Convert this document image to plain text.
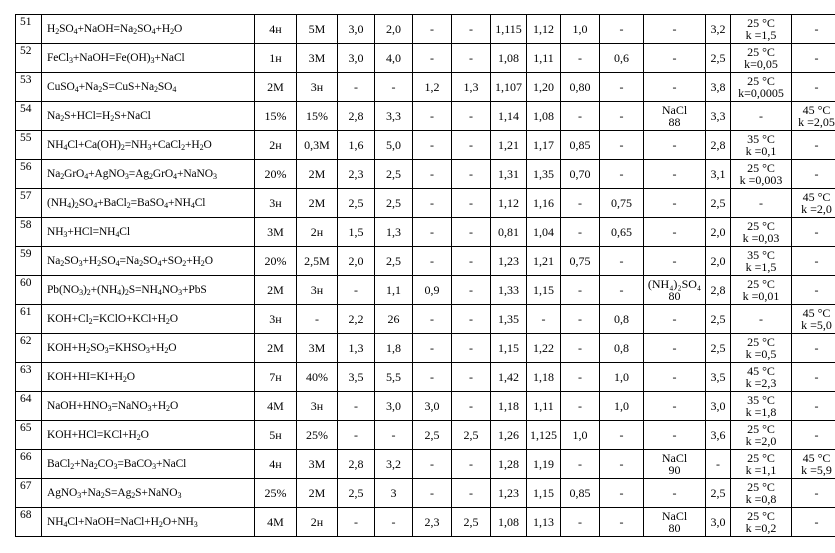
51	$H_2SO_4+NaOH=Na_2SO_4+H_2O$	4н	5M	3,0	2,0	-	-	1,115	1,12	1,0	-	-	3,2	25 °C
k =1,5	-

52	$FeCl_3+NaOH=Fe(OH)_3+NaCl$	1н	3M	3,0	4,0	-	-	1,08	1,11	-	0,6	-	2,5	25 °C
k=0,05	-

53	$CuSO_4+Na_2S=CuS+Na_2SO_4$	2M	3н	-	-	1,2	1,3	1,107	1,20	0,80	-	-	3,8	25 °C
k=0,0005	-

54	$Na_2S+HCl=H_2S+NaCl$	15%	15%	2,8	3,3	-	-	1,14	1,08	-	-	NaCl
88	3,3	-	45 °C
k =2,05

55	$NH_4Cl+Ca(OH)_2=NH_3+CaCl_2+H_2O$	2н	0,3M	1,6	5,0	-	-	1,21	1,17	0,85	-	-	2,8	35 °C
k =0,1	-

56	$Na_2GrO_4+AgNO_3=Ag_2GrO_4+NaNO_3$	20%	2M	2,3	2,5	-	-	1,31	1,35	0,70	-	-	3,1	25 °C
k =0,003	-

57	$(NH_4)_2SO_4+BaCl_2=BaSO_4+NH_4Cl$	3н	2M	2,5	2,5	-	-	1,12	1,16	-	0,75	-	2,5	-	45 °C
k =2,0

58	$NH_3+HCl=NH_4Cl$	3M	2н	1,5	1,3	-	-	0,81	1,04	-	0,65	-	2,0	25 °C
k =0,03	-

59	$Na_2SO_3+H_2SO_4=Na_2SO_4+SO_2+H_2O$	20%	2,5M	2,0	2,5	-	-	1,23	1,21	0,75	-	-	2,0	35 °C
k =1,5	-

60	$Pb(NO_3)_2+(NH_4)_2S=NH_4NO_3+PbS$	2M	3н	-	1,1	0,9	-	1,33	1,15	-	-	(NH₄)₂SO₄
80	2,8	25 °C
k =0,01	-

61	$KOH+Cl_2=KClO+KCl+H_2O$	3н	-	2,2	26	-	-	1,35	-	-	0,8	-	2,5	-	45 °C
k =5,0

62	$KOH+H_2SO_3=KHSO_3+H_2O$	2M	3M	1,3	1,8	-	-	1,15	1,22	-	0,8	-	2,5	25 °C
k =0,5	-

63	$KOH+HI=KI+H_2O$	7н	40%	3,5	5,5	-	-	1,42	1,18	-	1,0	-	3,5	45 °C
k =2,3	-

64	$NaOH+HNO_3=NaNO_3+H_2O$	4M	3н	-	3,0	3,0	-	1,18	1,11	-	1,0	-	3,0	35 °C
k =1,8	-

65	$KOH+HCl=KCl+H_2O$	5н	25%	-	-	2,5	2,5	1,26	1,125	1,0	-	-	3,6	25 °C
k =2,0	-

66	$BaCl_2+Na_2CO_3=BaCO_3+NaCl$	4н	3M	2,8	3,2	-	-	1,28	1,19	-	-	NaCl
90	-	25 °C
k =1,1	45 °C
k =5,9

67	$AgNO_3+Na_2S=Ag_2S+NaNO_3$	25%	2M	2,5	3	-	-	1,23	1,15	0,85	-	-	2,5	25 °C
k =0,8	-

68	$NH_4Cl+NaOH=NaCl+H_2O+NH_3$	4M	2н	-	-	2,3	2,5	1,08	1,13	-	-	NaCl
80	3,0	25 °C
k =0,2	-
